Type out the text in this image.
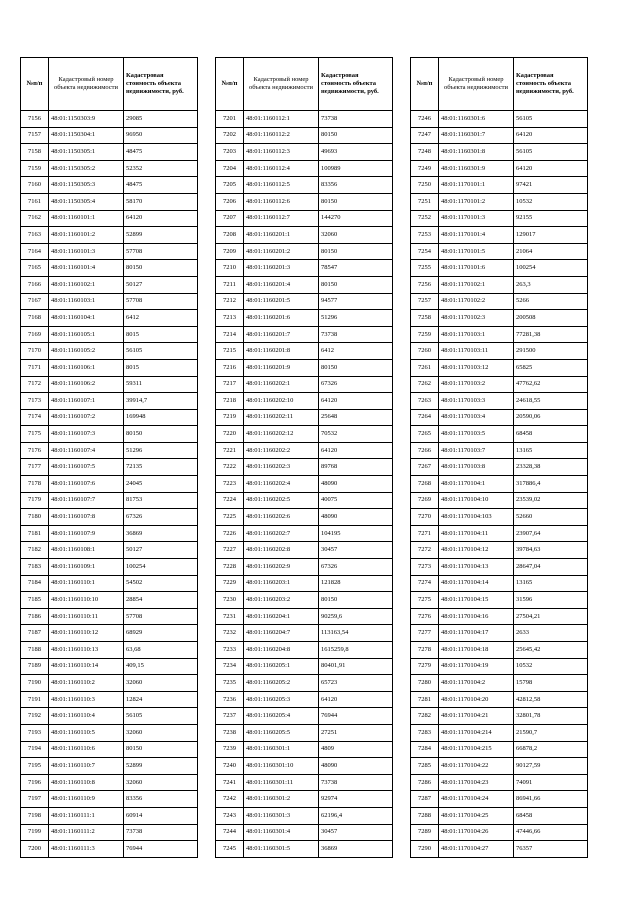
№п/п	Кадастровый номер объекта недвижимости	Кадастровая стоимость объекта недвижимости, руб.
7156	48:01:1150303:9	29085
7157	48:01:1150304:1	96950
7158	48:01:1150305:1	48475
7159	48:01:1150305:2	52352
7160	48:01:1150305:3	48475
7161	48:01:1150305:4	58170
7162	48:01:1160101:1	64120
7163	48:01:1160101:2	52899
7164	48:01:1160101:3	57708
7165	48:01:1160101:4	80150
7166	48:01:1160102:1	50127
7167	48:01:1160103:1	57708
7168	48:01:1160104:1	6412
7169	48:01:1160105:1	8015
7170	48:01:1160105:2	56105
7171	48:01:1160106:1	8015
7172	48:01:1160106:2	59311
7173	48:01:1160107:1	39914,7
7174	48:01:1160107:2	169948
7175	48:01:1160107:3	80150
7176	48:01:1160107:4	51296
7177	48:01:1160107:5	72135
7178	48:01:1160107:6	24045
7179	48:01:1160107:7	81753
7180	48:01:1160107:8	67326
7181	48:01:1160107:9	36869
7182	48:01:1160108:1	50127
7183	48:01:1160109:1	100254
7184	48:01:1160110:1	54502
7185	48:01:1160110:10	28854
7186	48:01:1160110:11	57708
7187	48:01:1160110:12	68929
7188	48:01:1160110:13	63,68
7189	48:01:1160110:14	409,15
7190	48:01:1160110:2	32060
7191	48:01:1160110:3	12824
7192	48:01:1160110:4	56105
7193	48:01:1160110:5	32060
7194	48:01:1160110:6	80150
7195	48:01:1160110:7	52899
7196	48:01:1160110:8	32060
7197	48:01:1160110:9	83356
7198	48:01:1160111:1	60914
7199	48:01:1160111:2	73738
7200	48:01:1160111:3	76944
№п/п	Кадастровый номер объекта недвижимости	Кадастровая стоимость объекта недвижимости, руб.
7201	48:01:1160112:1	73738
7202	48:01:1160112:2	80150
7203	48:01:1160112:3	49693
7204	48:01:1160112:4	100989
7205	48:01:1160112:5	83356
7206	48:01:1160112:6	80150
7207	48:01:1160112:7	144270
7208	48:01:1160201:1	32060
7209	48:01:1160201:2	80150
7210	48:01:1160201:3	78547
7211	48:01:1160201:4	80150
7212	48:01:1160201:5	94577
7213	48:01:1160201:6	51296
7214	48:01:1160201:7	73738
7215	48:01:1160201:8	6412
7216	48:01:1160201:9	80150
7217	48:01:1160202:1	67326
7218	48:01:1160202:10	64120
7219	48:01:1160202:11	25648
7220	48:01:1160202:12	70532
7221	48:01:1160202:2	64120
7222	48:01:1160202:3	89768
7223	48:01:1160202:4	48090
7224	48:01:1160202:5	40075
7225	48:01:1160202:6	48090
7226	48:01:1160202:7	104195
7227	48:01:1160202:8	30457
7228	48:01:1160202:9	67326
7229	48:01:1160203:1	121828
7230	48:01:1160203:2	80150
7231	48:01:1160204:1	90259,6
7232	48:01:1160204:7	113163,54
7233	48:01:1160204:8	1615259,8
7234	48:01:1160205:1	80401,91
7235	48:01:1160205:2	65723
7236	48:01:1160205:3	64120
7237	48:01:1160205:4	76944
7238	48:01:1160205:5	27251
7239	48:01:1160301:1	4809
7240	48:01:1160301:10	48090
7241	48:01:1160301:11	73738
7242	48:01:1160301:2	92974
7243	48:01:1160301:3	62196,4
7244	48:01:1160301:4	30457
7245	48:01:1160301:5	36869
№п/п	Кадастровый номер объекта недвижимости	Кадастровая стоимость объекта недвижимости, руб.
7246	48:01:1160301:6	56105
7247	48:01:1160301:7	64120
7248	48:01:1160301:8	56105
7249	48:01:1160301:9	64120
7250	48:01:1170101:1	97421
7251	48:01:1170101:2	10532
7252	48:01:1170101:3	92155
7253	48:01:1170101:4	129017
7254	48:01:1170101:5	21064
7255	48:01:1170101:6	100254
7256	48:01:1170102:1	263,3
7257	48:01:1170102:2	5266
7258	48:01:1170102:3	200508
7259	48:01:1170103:1	77281,38
7260	48:01:1170103:11	291500
7261	48:01:1170103:12	65825
7262	48:01:1170103:2	47762,62
7263	48:01:1170103:3	24618,55
7264	48:01:1170103:4	20590,06
7265	48:01:1170103:5	68458
7266	48:01:1170103:7	13165
7267	48:01:1170103:8	23328,38
7268	48:01:1170104:1	317886,4
7269	48:01:1170104:10	23539,02
7270	48:01:1170104:103	52660
7271	48:01:1170104:11	23907,64
7272	48:01:1170104:12	39784,63
7273	48:01:1170104:13	28647,04
7274	48:01:1170104:14	13165
7275	48:01:1170104:15	31596
7276	48:01:1170104:16	27504,21
7277	48:01:1170104:17	2633
7278	48:01:1170104:18	25645,42
7279	48:01:1170104:19	10532
7280	48:01:1170104:2	15798
7281	48:01:1170104:20	42812,58
7282	48:01:1170104:21	32801,78
7283	48:01:1170104:214	21590,7
7284	48:01:1170104:215	66878,2
7285	48:01:1170104:22	90127,59
7286	48:01:1170104:23	74091
7287	48:01:1170104:24	86941,66
7288	48:01:1170104:25	68458
7289	48:01:1170104:26	47446,66
7290	48:01:1170104:27	76357
